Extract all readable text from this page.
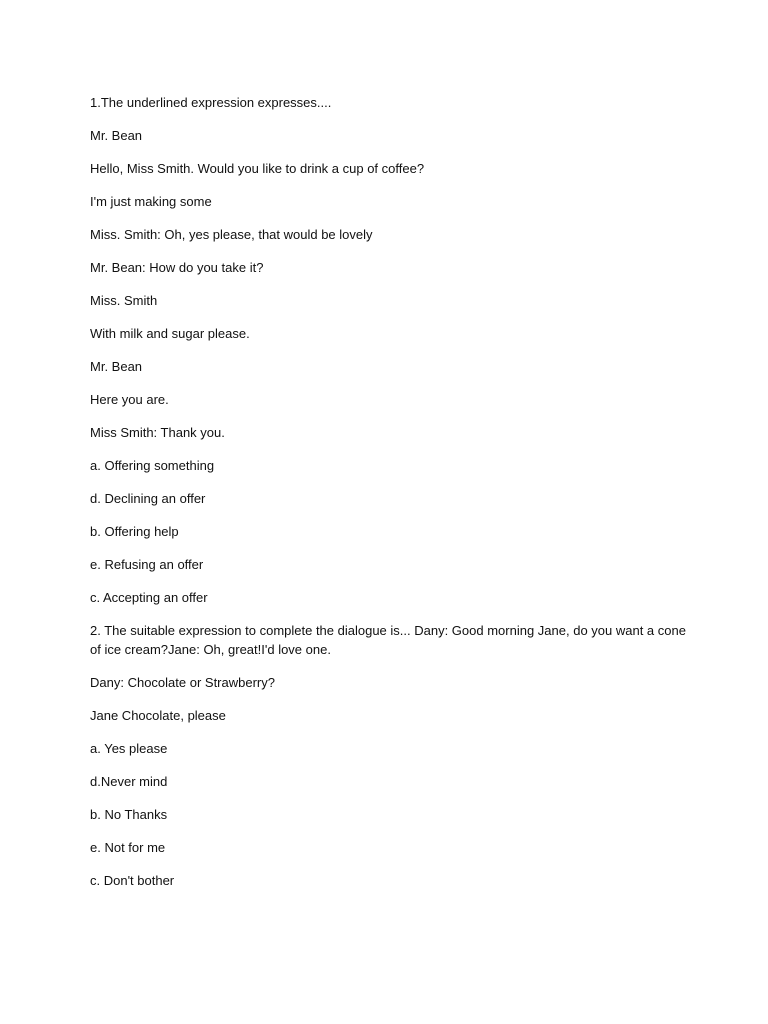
1.The underlined expression expresses....
Mr. Bean
Hello, Miss Smith. Would you like to drink a cup of coffee?
I'm just making some
Miss. Smith: Oh, yes please, that would be lovely
Mr. Bean: How do you take it?
Miss. Smith
With milk and sugar please.
Mr. Bean
Here you are.
Miss Smith: Thank you.
a. Offering something
d. Declining an offer
b. Offering help
e. Refusing an offer
c. Accepting an offer
2. The suitable expression to complete the dialogue is... Dany: Good morning Jane, do you want a cone of ice cream?Jane: Oh, great!I'd love one.
Dany: Chocolate or Strawberry?
Jane Chocolate, please
a. Yes please
d.Never mind
b. No Thanks
e. Not for me
c. Don't bother
